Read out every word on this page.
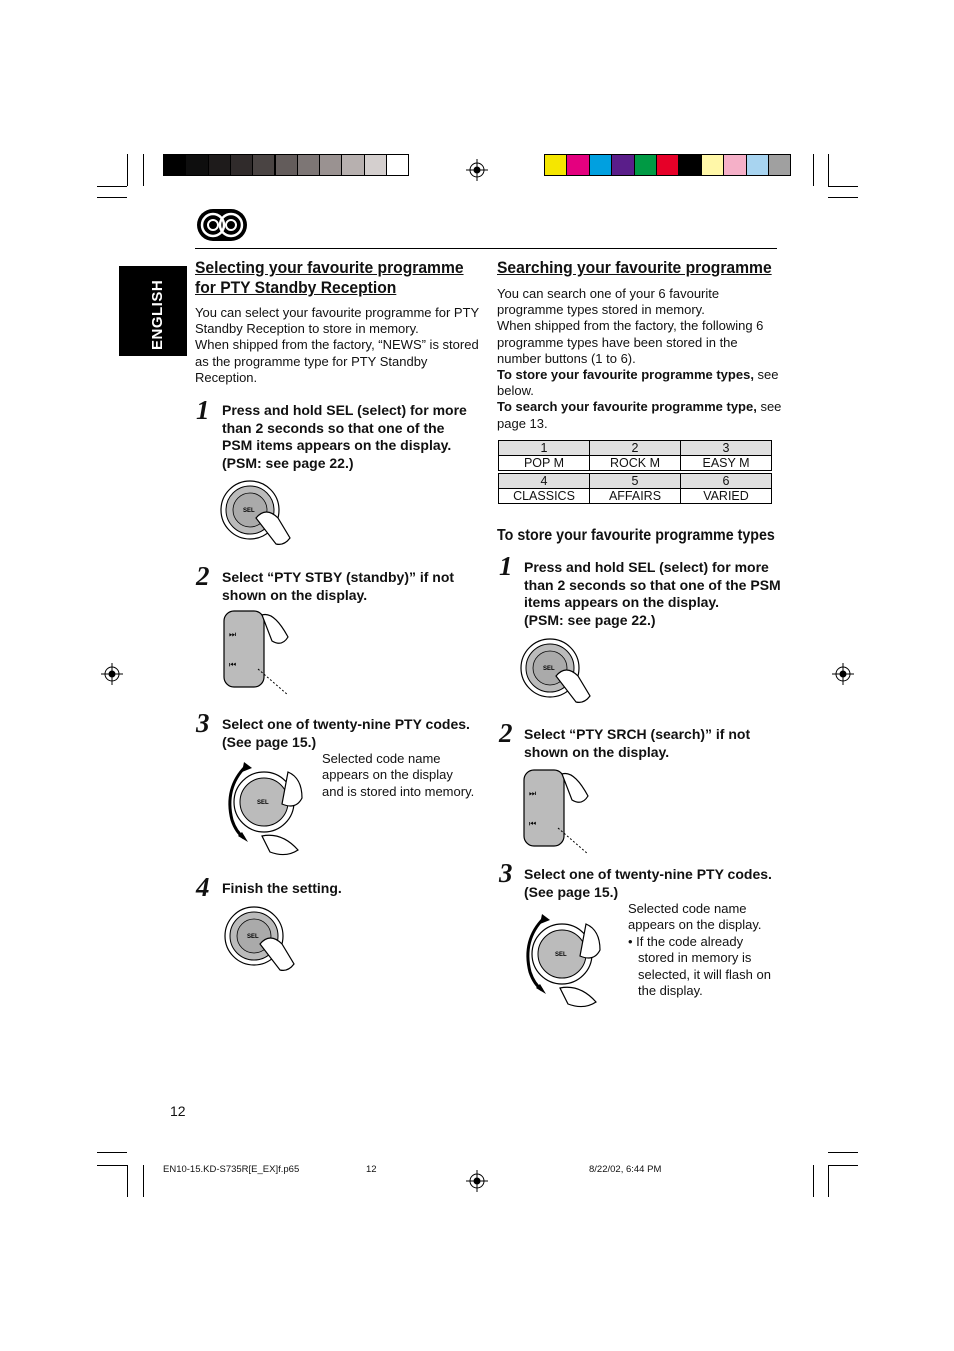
ENGLISH
Selecting your favourite programme
for PTY Standby Reception
You can select your favourite programme for PTY
Standby Reception to store in memory.
When shipped from the factory, “NEWS” is stored
as the programme type for PTY Standby
Reception.
1 Press and hold SEL (select) for more
than 2 seconds so that one of the
PSM items appears on the display.
(PSM: see page 22.)
SEL
2 Select “PTY STBY (standby)” if not
shown on the display.
⏭
⏮
3 Select one of twenty-nine PTY codes.
(See page 15.)
Selected code name
appears on the display
and is stored into memory.
SEL
4 Finish the setting.
SEL
Searching your favourite programme
You can search one of your 6 favourite
programme types stored in memory.
When shipped from the factory, the following 6
programme types have been stored in the
number buttons (1 to 6).
To store your favourite programme types, see
below.
To search your favourite programme type, see
page 13.
1	2	3
POP M	ROCK M	EASY M
4	5	6
CLASSICS	AFFAIRS	VARIED
To store your favourite programme types
1 Press and hold SEL (select) for more
than 2 seconds so that one of the PSM
items appears on the display.
(PSM: see page 22.)
SEL
2 Select “PTY SRCH (search)” if not
shown on the display.
⏭
⏮
3 Select one of twenty-nine PTY codes.
(See page 15.)
Selected code name
appears on the display.
• If the code already
stored in memory is
selected, it will flash on
the display.
SEL
12
EN10-15.KD-S735R[E_EX]f.p65	12	8/22/02, 6:44 PM
